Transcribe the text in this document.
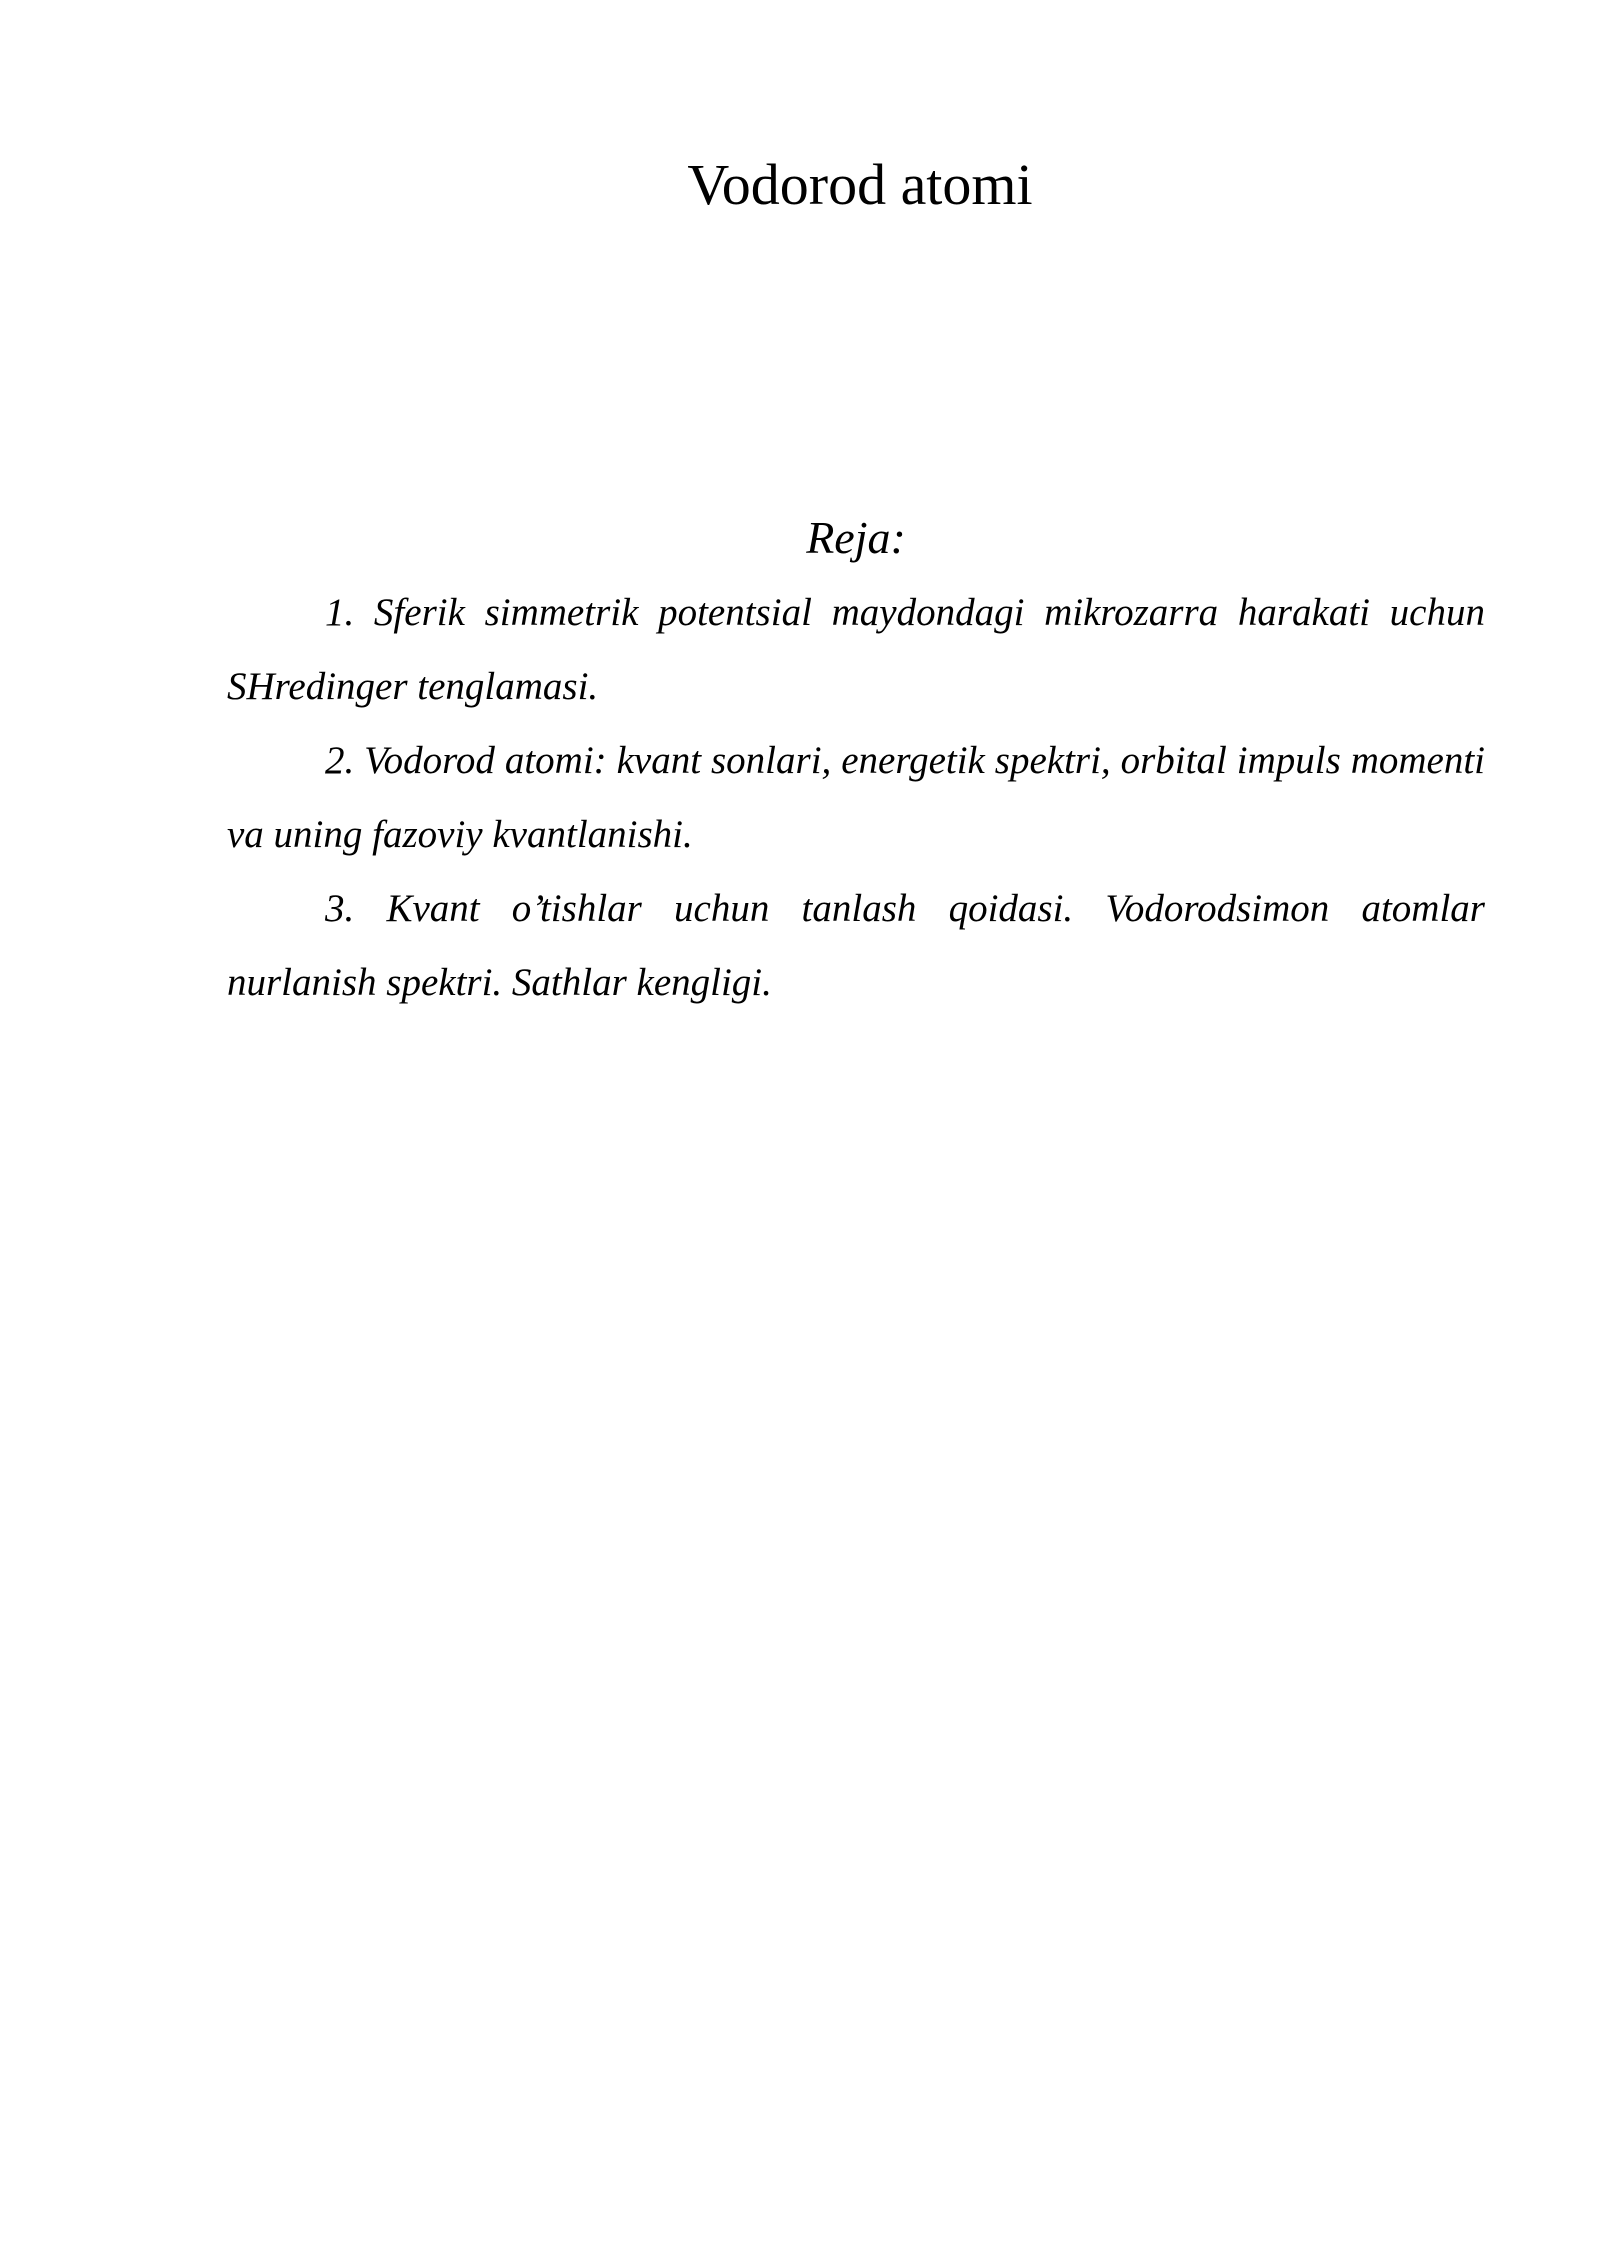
Vodorod atomi
Reja:
1. Sferik simmetrik potentsial maydondagi mikrozarra harakati uchun SHredinger tenglamasi.
2. Vodorod atomi: kvant sonlari, energetik spektri, orbital impuls momenti va uning fazoviy kvantlanishi.
3. Kvant o’tishlar uchun tanlash qoidasi. Vodorodsimon atomlar nurlanish spektri. Sathlar kengligi.
